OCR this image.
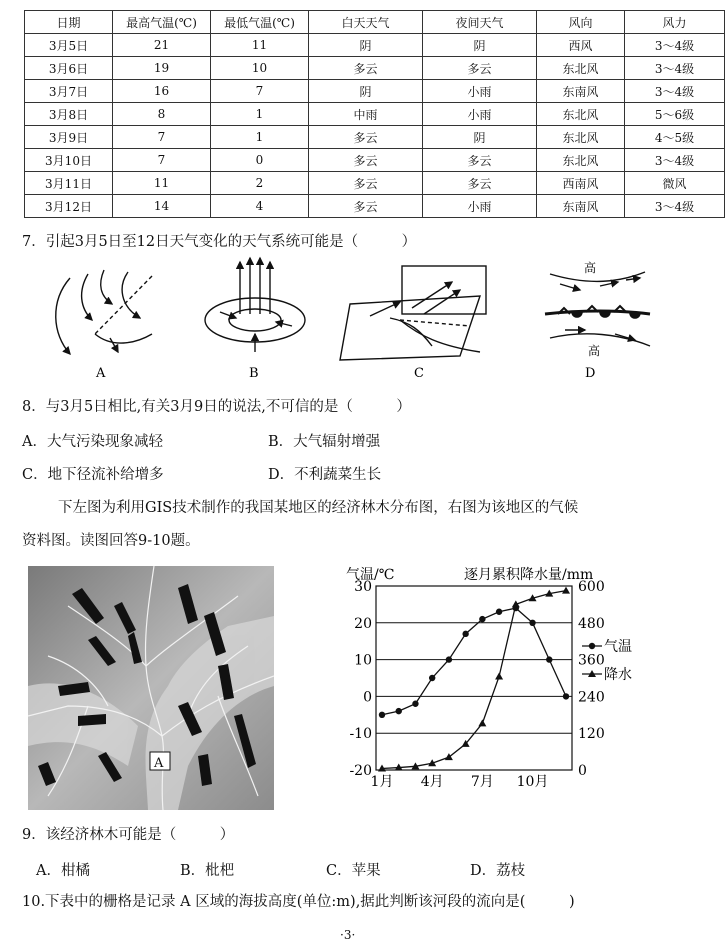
日期	最高气温(℃)	最低气温(℃)	白天天气	夜间天气	风向	风力
3月5日	21	11	阴	阴	西风	3～4级
3月6日	19	10	多云	多云	东北风	3～4级
3月7日	16	7	阴	小雨	东南风	3～4级
3月8日	8	1	中雨	小雨	东北风	5～6级
3月9日	7	1	多云	阴	东北风	4～5级
3月10日	7	0	多云	多云	东北风	3～4级
3月11日	11	2	多云	多云	西南风	微风
3月12日	14	4	多云	小雨	东南风	3～4级
7．引起3月5日至12日天气变化的天气系统可能是（　　　）
A	B	C
高
高
D
8．与3月5日相比,有关3月9日的说法,不可信的是（　　　）
A．大气污染现象减轻	B．大气辐射增强
C．地下径流补给增多	D．不利蔬菜生长
下左图为利用GIS技术制作的我国某地区的经济林木分布图，右图为该地区的气候
资料图。读图回答9-10题。
A
气温/℃	逐月累积降水量/mm
30	600
20	480
10	360
0	240
-10	120
-20	0
1月 4月 7月 10月
气温
降水
9．该经济林木可能是（　　　）
A．柑橘	B．枇杷	C．苹果	D．荔枝
10.下表中的栅格是记录 A 区域的海拔高度(单位:m),据此判断该河段的流向是(　　　)
·3·
